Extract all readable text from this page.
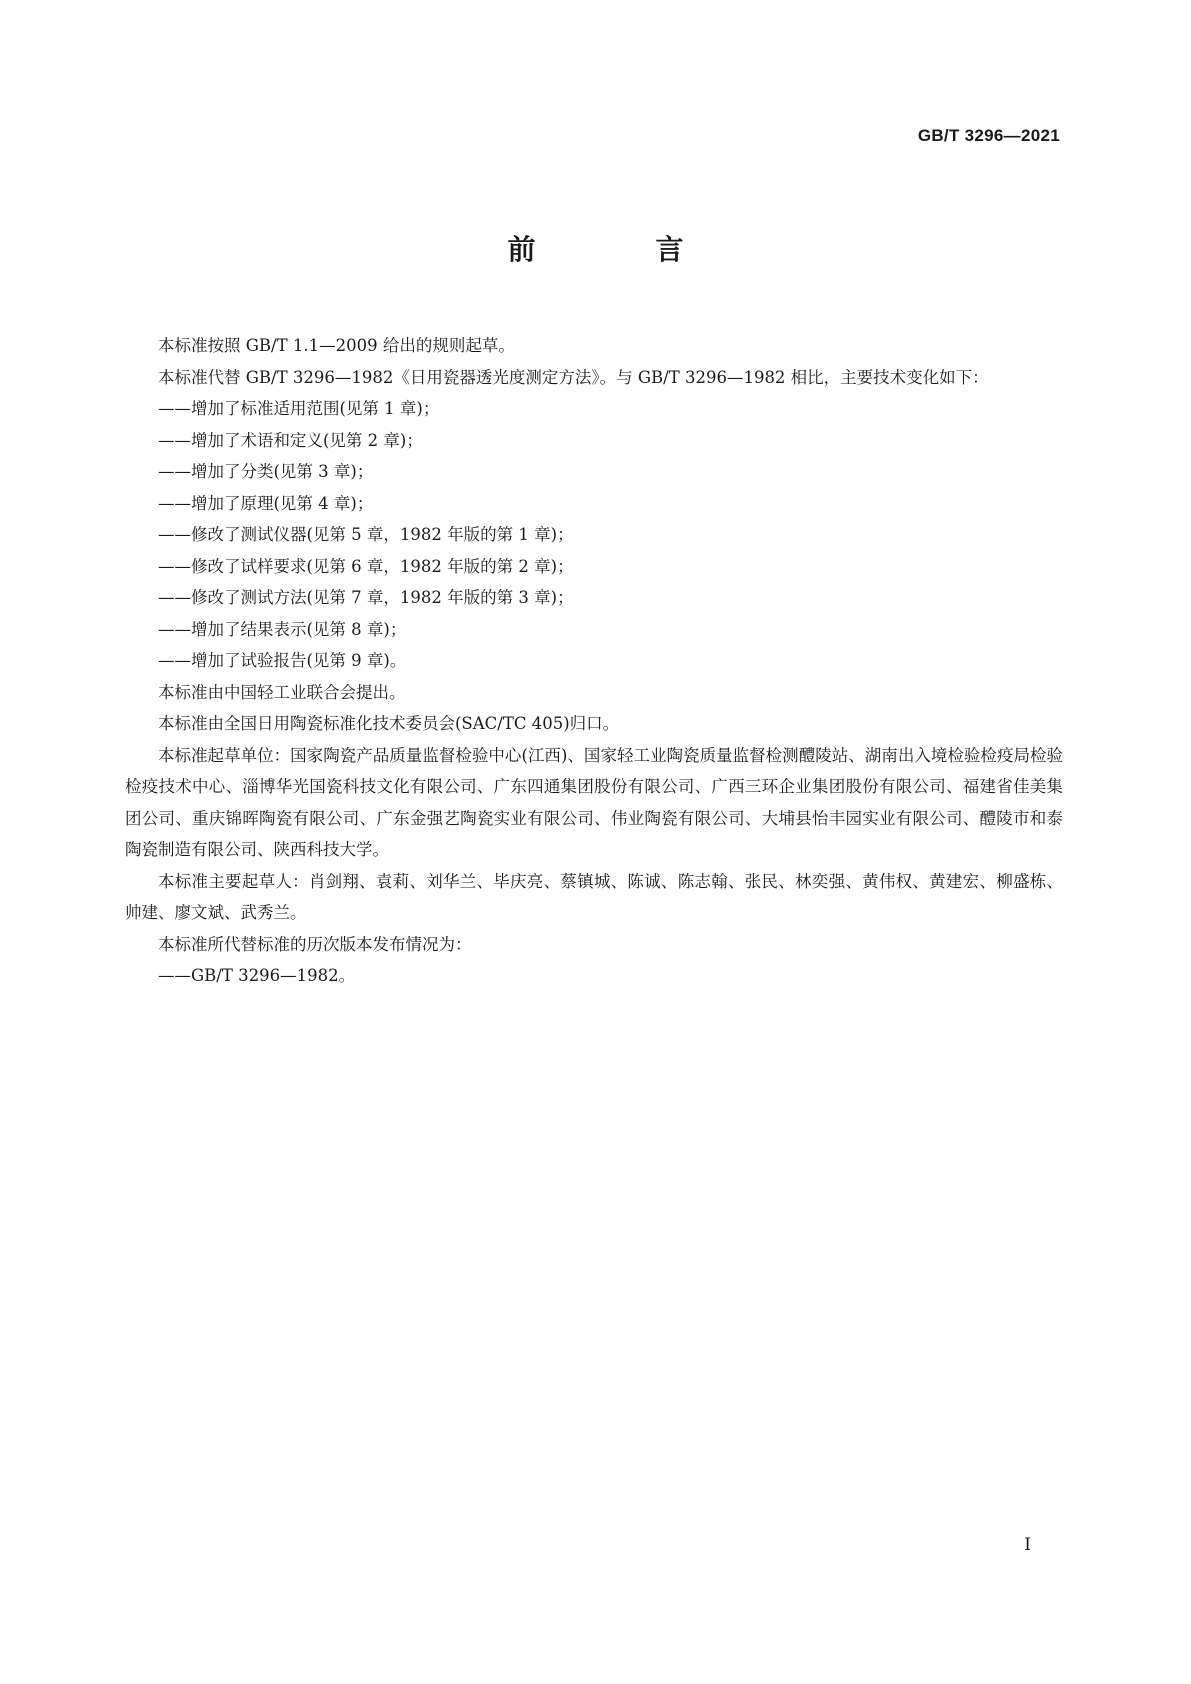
GB/T 3296—2021
前　言

本标准按照 GB/T 1.1—2009 给出的规则起草。

本标准代替 GB/T 3296—1982《日用瓷器透光度测定方法》。与 GB/T 3296—1982 相比，主要技术变化如下：

——增加了标准适用范围(见第 1 章)；

——增加了术语和定义(见第 2 章)；

——增加了分类(见第 3 章)；

——增加了原理(见第 4 章)；

——修改了测试仪器(见第 5 章，1982 年版的第 1 章)；

——修改了试样要求(见第 6 章，1982 年版的第 2 章)；

——修改了测试方法(见第 7 章，1982 年版的第 3 章)；

——增加了结果表示(见第 8 章)；

——增加了试验报告(见第 9 章)。

本标准由中国轻工业联合会提出。

本标准由全国日用陶瓷标准化技术委员会(SAC/TC 405)归口。

本标准起草单位：国家陶瓷产品质量监督检验中心(江西)、国家轻工业陶瓷质量监督检测醴陵站、湖南出入境检验检疫局检验检疫技术中心、淄博华光国瓷科技文化有限公司、广东四通集团股份有限公司、广西三环企业集团股份有限公司、福建省佳美集团公司、重庆锦晖陶瓷有限公司、广东金强艺陶瓷实业有限公司、伟业陶瓷有限公司、大埔县怡丰园实业有限公司、醴陵市和泰陶瓷制造有限公司、陕西科技大学。

本标准主要起草人：肖剑翔、袁莉、刘华兰、毕庆亮、蔡镇城、陈诚、陈志翰、张民、林奕强、黄伟权、黄建宏、柳盛栋、帅建、廖文斌、武秀兰。

本标准所代替标准的历次版本发布情况为：

——GB/T 3296—1982。

I
